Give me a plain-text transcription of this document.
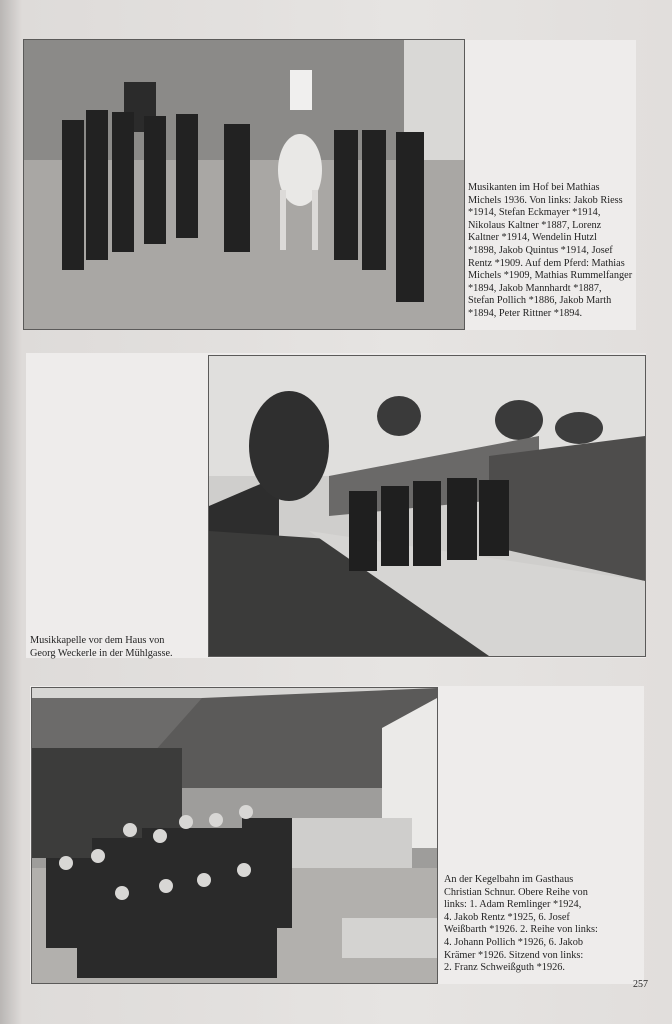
Musikanten im Hof bei Mathias
Michels 1936. Von links: Jakob Riess
*1914, Stefan Eckmayer *1914,
Nikolaus Kaltner *1887, Lorenz
Kaltner *1914, Wendelin Hutzl
*1898, Jakob Quintus *1914, Josef
Rentz *1909. Auf dem Pferd: Mathias
Michels *1909, Mathias Rummelfanger
*1894, Jakob Mannhardt *1887,
Stefan Pollich *1886, Jakob Marth
*1894, Peter Rittner *1894.
Musikkapelle vor dem Haus von
Georg Weckerle in der Mühlgasse.
An der Kegelbahn im Gasthaus
Christian Schnur. Obere Reihe von
links: 1. Adam Remlinger *1924,
4. Jakob Rentz *1925, 6. Josef
Weißbarth *1926. 2. Reihe von links:
4. Johann Pollich *1926, 6. Jakob
Krämer *1926. Sitzend von links:
2. Franz Schweißguth *1926.
257
